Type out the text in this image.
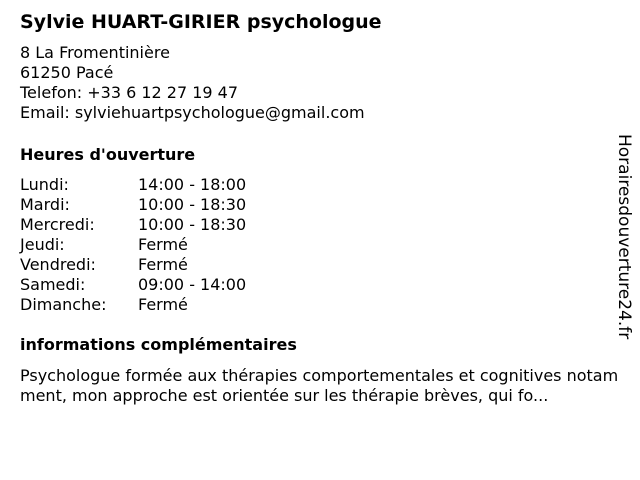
Sylvie HUART-GIRIER psychologue
8 La Fromentinière
61250 Pacé
Telefon: +33 6 12 27 19 47
Email: sylviehuartpsychologue@gmail.com
Heures d'ouverture
Lundi:	14:00 - 18:00
Mardi:	10:00 - 18:30
Mercredi:	10:00 - 18:30
Jeudi:	Fermé
Vendredi:	Fermé
Samedi:	09:00 - 14:00
Dimanche:	Fermé
informations complémentaires
Psychologue formée aux thérapies comportementales et cognitives notamment, mon approche est orientée sur les thérapie brèves, qui fo...
Horairesdouverture24.fr
